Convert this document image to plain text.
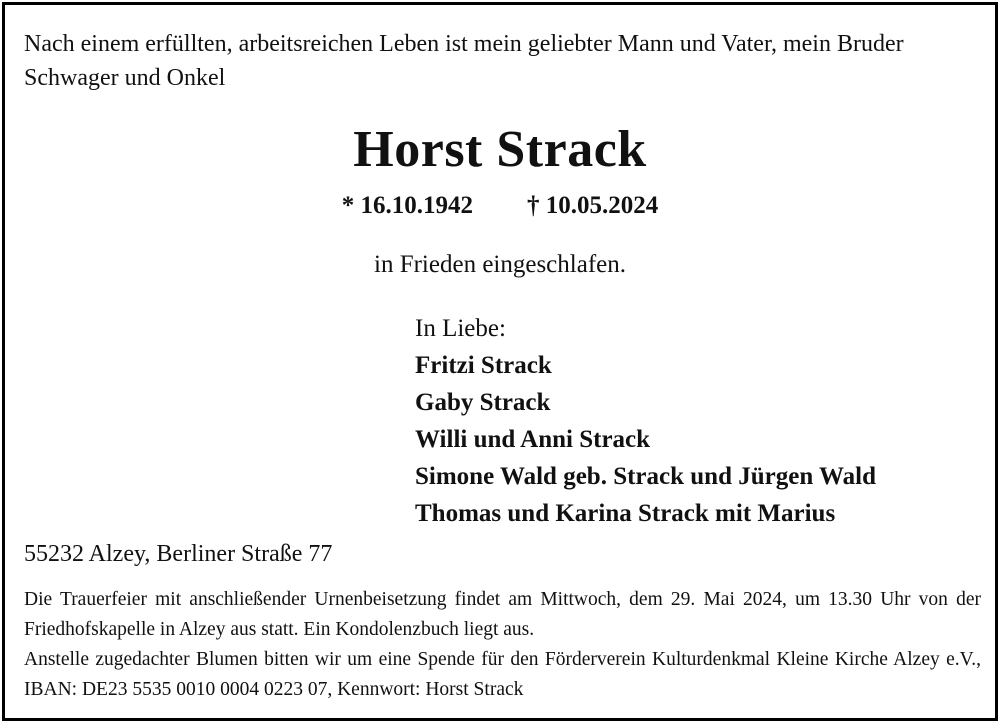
Nach einem erfüllten, arbeitsreichen Leben ist mein geliebter Mann und Vater, mein Bruder Schwager und Onkel
Horst Strack
* 16.10.1942 † 10.05.2024
in Frieden eingeschlafen.
In Liebe:
Fritzi Strack
Gaby Strack
Willi und Anni Strack
Simone Wald geb. Strack und Jürgen Wald
Thomas und Karina Strack mit Marius
55232 Alzey, Berliner Straße 77

Die Trauerfeier mit anschließender Urnenbeisetzung findet am Mittwoch, dem 29. Mai 2024, um 13.30 Uhr von der Friedhofskapelle in Alzey aus statt. Ein Kondolenzbuch liegt aus.

Anstelle zugedachter Blumen bitten wir um eine Spende für den Förderverein Kulturdenkmal Kleine Kirche Alzey e.V., IBAN: DE23 5535 0010 0004 0223 07, Kennwort: Horst Strack
